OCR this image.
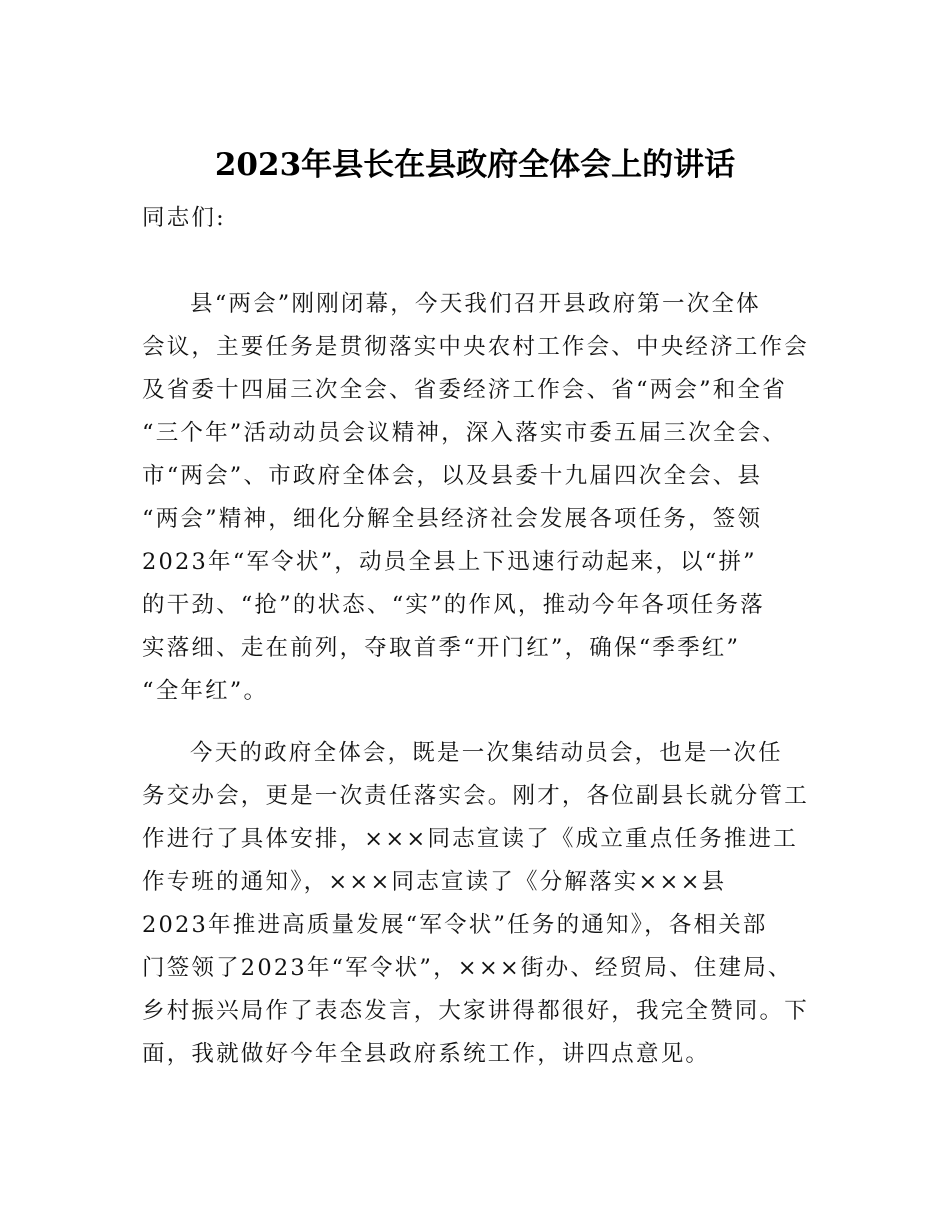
2023年县长在县政府全体会上的讲话
同志们:
县“两会”刚刚闭幕，今天我们召开县政府第一次全体
会议，主要任务是贯彻落实中央农村工作会、中央经济工作会
及省委十四届三次全会、省委经济工作会、省“两会”和全省
“三个年”活动动员会议精神，深入落实市委五届三次全会、
市“两会”、市政府全体会，以及县委十九届四次全会、县
“两会”精神，细化分解全县经济社会发展各项任务，签领
2023年“军令状”，动员全县上下迅速行动起来，以“拼”
的干劲、“抢”的状态、“实”的作风，推动今年各项任务落
实落细、走在前列，夺取首季“开门红”，确保“季季红”
“全年红”。
今天的政府全体会，既是一次集结动员会，也是一次任
务交办会，更是一次责任落实会。刚才，各位副县长就分管工
作进行了具体安排，×××同志宣读了《成立重点任务推进工
作专班的通知》，×××同志宣读了《分解落实×××县
2023年推进高质量发展“军令状”任务的通知》，各相关部
门签领了2023年“军令状”，×××街办、经贸局、住建局、
乡村振兴局作了表态发言，大家讲得都很好，我完全赞同。下
面，我就做好今年全县政府系统工作，讲四点意见。
